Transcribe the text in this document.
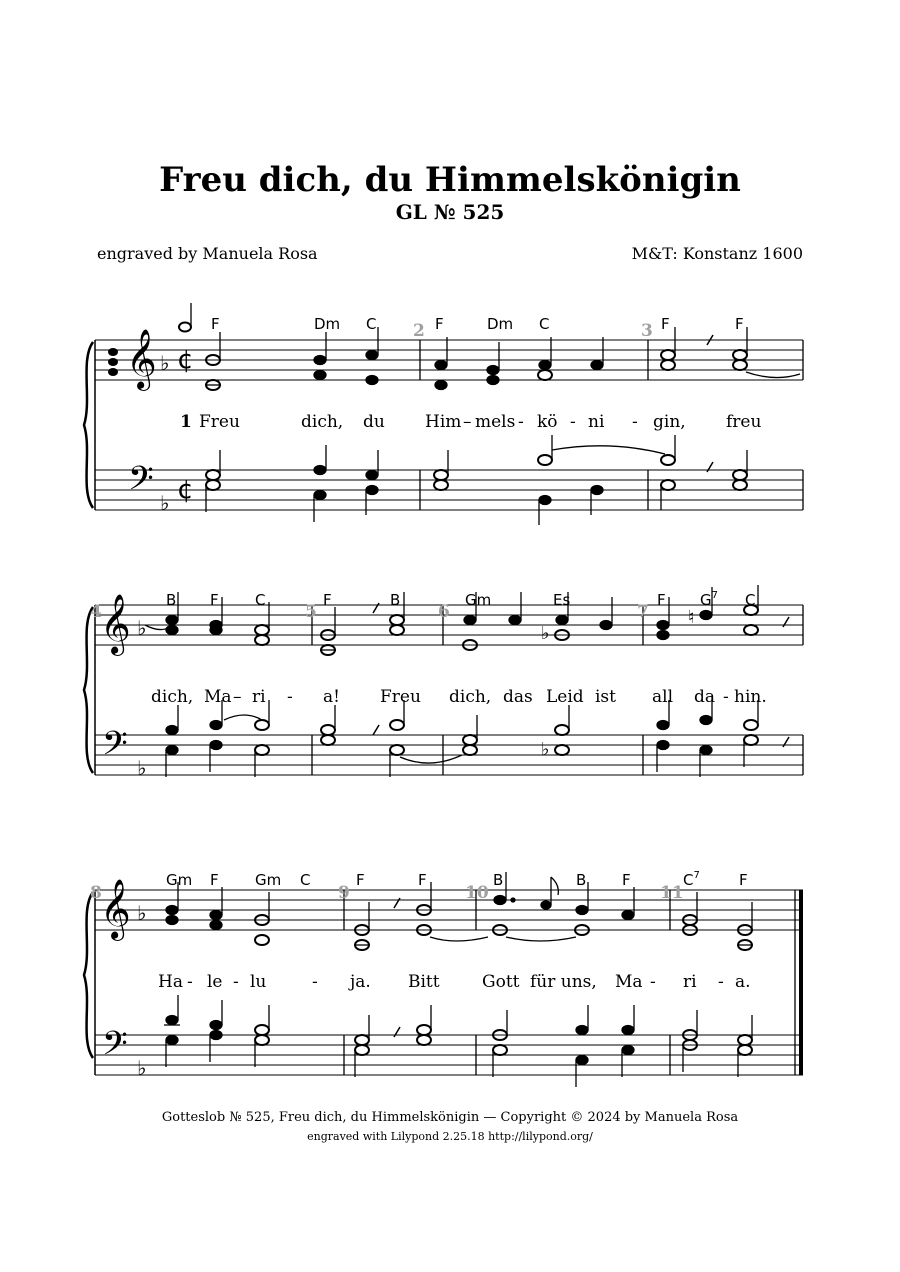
Freu dich, du Himmelskönigin
GL № 525
engraved by Manuela Rosa	M&T: Konstanz 1600
𝄞
𝄢
♭
♭
¢
¢
2	3
F	Dm C	F	Dm C	F	F
1 Freu	dich, du Him – mels - kö - ni - gin, freu
𝄞
𝄢
♭
♭
♭
♮
♭
4	5	6	7
B F C	F	B	Gm	Es	F $G^7$ C
dich, Ma – ri - a! Freu dich, das Leid ist all da - hin.
𝄞
𝄢
♭
♭
8	9	10	11
Gm F Gm C	F	F	B	B F	$C^7$	F
Ha - le - lu	- ja. Bitt Gott für uns, Ma - ri - a.
Gotteslob № 525, Freu dich, du Himmelskönigin — Copyright © 2024 by Manuela Rosa
engraved with Lilypond 2.25.18 http://lilypond.org/
